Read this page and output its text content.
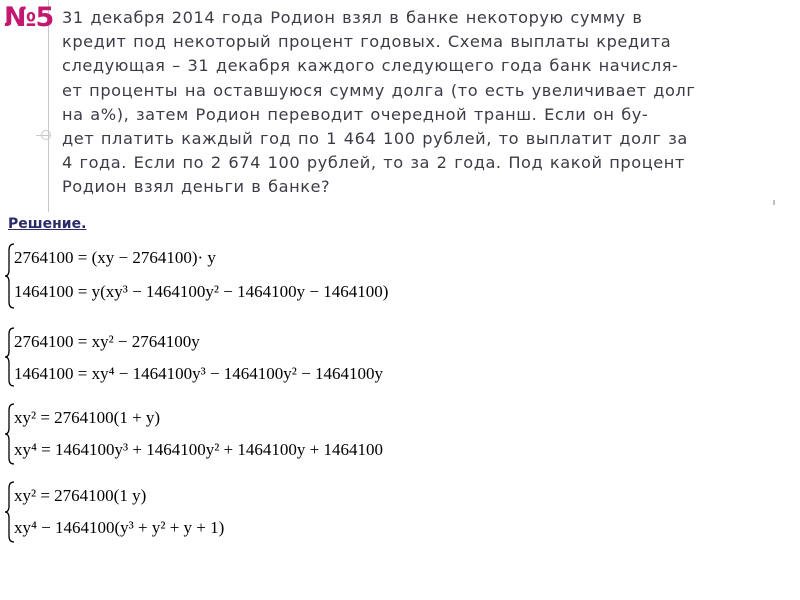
№5 31 декабря 2014 года Родион взял в банке некоторую сумму в
кредит под некоторый процент годовых. Схема выплаты кредита
следующая – 31 декабря каждого следующего года банк начисля-
ет проценты на оставшуюся сумму долга (то есть увеличивает долг
на a%), затем Родион переводит очередной транш. Если он бу-
дет платить каждый год по 1 464 100 рублей, то выплатит долг за
4 года. Если по 2 674 100 рублей, то за 2 года. Под какой процент
Родион взял деньги в банке?
Решение.
2764100 = (xy − 2764100)· y
1464100 = y(xy³ − 1464100y² − 1464100y − 1464100)
2764100 = xy² − 2764100y
1464100 = xy⁴ − 1464100y³ − 1464100y² − 1464100y
xy² = 2764100(1 + y)
xy⁴ = 1464100y³ + 1464100y² + 1464100y + 1464100
xy² = 2764100(1 y)
xy⁴ − 1464100(y³ + y² + y + 1)
